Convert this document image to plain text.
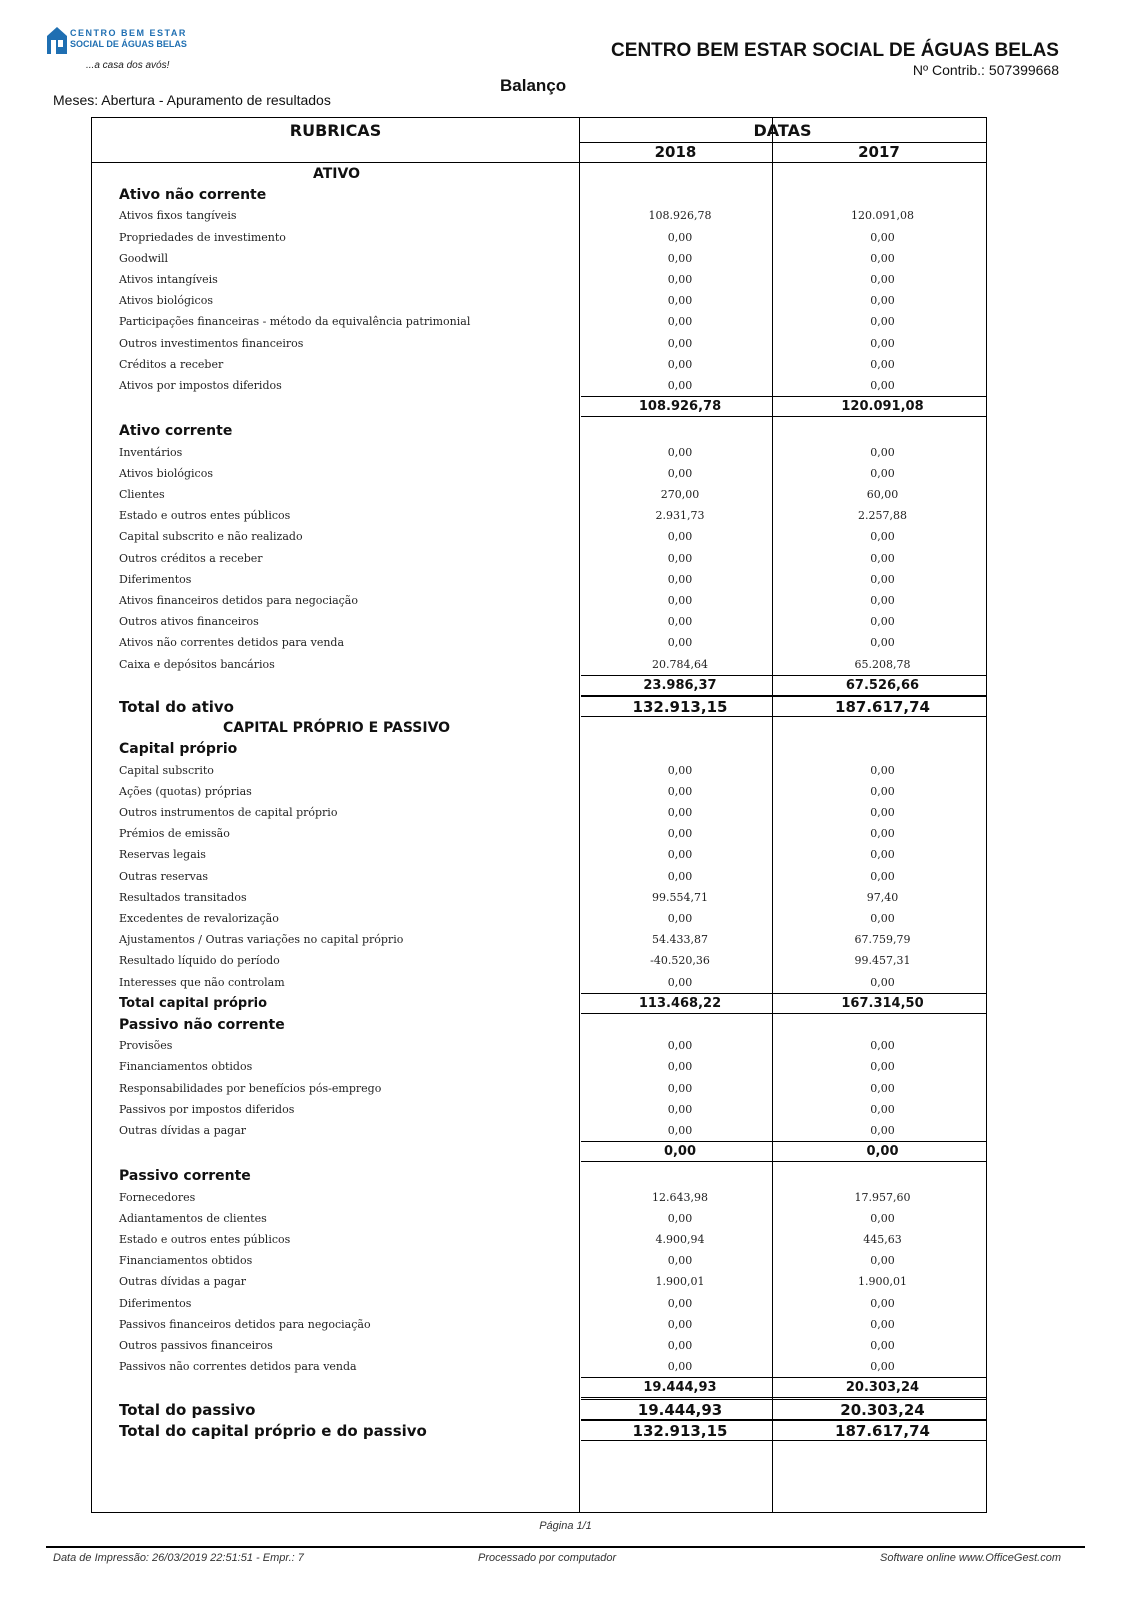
CENTRO BEM ESTAR
SOCIAL DE ÁGUAS BELAS
...a casa dos avós!
CENTRO BEM ESTAR SOCIAL DE ÁGUAS BELAS
Nº Contrib.: 507399668
Balanço
Meses: Abertura - Apuramento de resultados
RUBRICAS	DATAS
2018	2017
ATIVO
Ativo não corrente
Ativos fixos tangíveis	108.926,78	120.091,08
Propriedades de investimento	0,00	0,00
Goodwill	0,00	0,00
Ativos intangíveis	0,00	0,00
Ativos biológicos	0,00	0,00
Participações financeiras - método da equivalência patrimonial	0,00	0,00
Outros investimentos financeiros	0,00	0,00
Créditos a receber	0,00	0,00
Ativos por impostos diferidos	0,00	0,00
108.926,78	120.091,08
Ativo corrente
Inventários	0,00	0,00
Ativos biológicos	0,00	0,00
Clientes	270,00	60,00
Estado e outros entes públicos	2.931,73	2.257,88
Capital subscrito e não realizado	0,00	0,00
Outros créditos a receber	0,00	0,00
Diferimentos	0,00	0,00
Ativos financeiros detidos para negociação	0,00	0,00
Outros ativos financeiros	0,00	0,00
Ativos não correntes detidos para venda	0,00	0,00
Caixa e depósitos bancários	20.784,64	65.208,78
23.986,37	67.526,66
Total do ativo	132.913,15	187.617,74
CAPITAL PRÓPRIO E PASSIVO
Capital próprio
Capital subscrito	0,00	0,00
Ações (quotas) próprias	0,00	0,00
Outros instrumentos de capital próprio	0,00	0,00
Prémios de emissão	0,00	0,00
Reservas legais	0,00	0,00
Outras reservas	0,00	0,00
Resultados transitados	99.554,71	97,40
Excedentes de revalorização	0,00	0,00
Ajustamentos / Outras variações no capital próprio	54.433,87	67.759,79
Resultado líquido do período	-40.520,36	99.457,31
Interesses que não controlam	0,00	0,00
Total capital próprio	113.468,22	167.314,50
Passivo não corrente
Provisões	0,00	0,00
Financiamentos obtidos	0,00	0,00
Responsabilidades por benefícios pós-emprego	0,00	0,00
Passivos por impostos diferidos	0,00	0,00
Outras dívidas a pagar	0,00	0,00
0,00	0,00
Passivo corrente
Fornecedores	12.643,98	17.957,60
Adiantamentos de clientes	0,00	0,00
Estado e outros entes públicos	4.900,94	445,63
Financiamentos obtidos	0,00	0,00
Outras dívidas a pagar	1.900,01	1.900,01
Diferimentos	0,00	0,00
Passivos financeiros detidos para negociação	0,00	0,00
Outros passivos financeiros	0,00	0,00
Passivos não correntes detidos para venda	0,00	0,00
19.444,93	20.303,24
Total do passivo	19.444,93	20.303,24
Total do capital próprio e do passivo	132.913,15	187.617,74
Página 1/1
Data de Impressão: 26/03/2019 22:51:51 - Empr.: 7	Processado por computador	Software online www.OfficeGest.com
